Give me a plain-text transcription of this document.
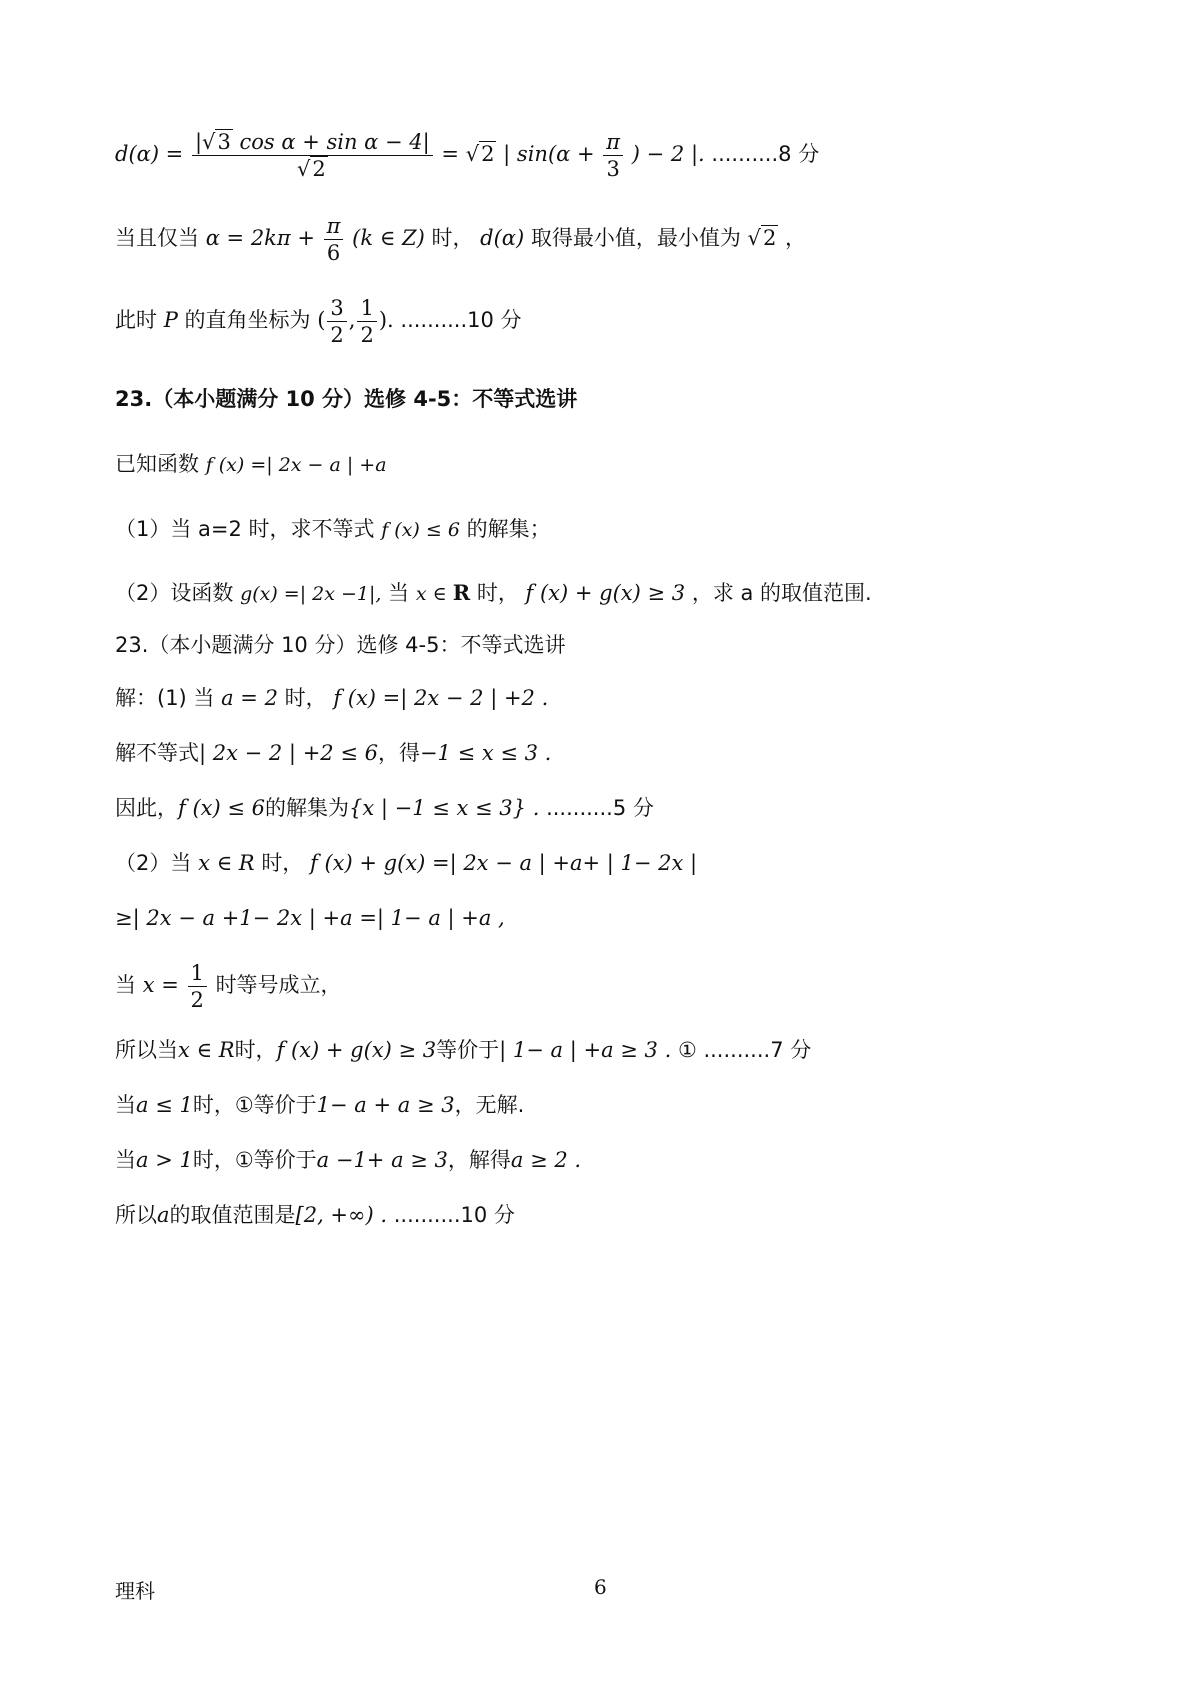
$d(\alpha) = \frac{\text{|√3 cos α + sin α − 4|}}{√2} = √2$ | $\sin(\alpha + \frac{\pi}{3}$ ) − 2 |. ..........8 分
当且仅当 $\alpha = 2k\pi + \frac{\pi}{6} (k$ ∈ Z) 时， d(α) 取得最小值，最小值为 √2 ，
此时 P 的直角坐标为 ( $\frac{3}{2}$ , $\frac{1}{2}$ ). ..........10 分
23.（本小题满分 10 分）选修 4-5：不等式选讲
已知函数 f (x) =| 2x − a | +a
（1）当 a=2 时，求不等式 f (x) ≤ 6 的解集；
（2）设函数 g(x) =| 2x −1|, 当 x ∈ R 时， f (x) + g(x) ≥ 3 ，求 a 的取值范围.
23.（本小题满分 10 分）选修 4-5：不等式选讲
解：(1) 当 a = 2 时， f (x) =| 2x − 2 | +2 .
解不等式| 2x − 2 | +2 ≤ 6，得−1 ≤ x ≤ 3 .
因此，f (x) ≤ 6的解集为{x | −1 ≤ x ≤ 3} . ..........5 分
（2）当 x ∈ R 时， f (x) + g(x) =| 2x − a | +a+ | 1− 2x |
≥| 2x − a +1− 2x | +a =| 1− a | +a ,
当 $x = \frac{1}{2}$ 时等号成立，
所以当x ∈ R时，f (x) + g(x) ≥ 3等价于| 1− a | +a ≥ 3 . ① ..........7 分
当a ≤ 1时，①等价于1− a + a ≥ 3，无解.
当a > 1时，①等价于a −1+ a ≥ 3，解得a ≥ 2 .
所以a的取值范围是[2, +∞) . ..........10 分
理科	6
